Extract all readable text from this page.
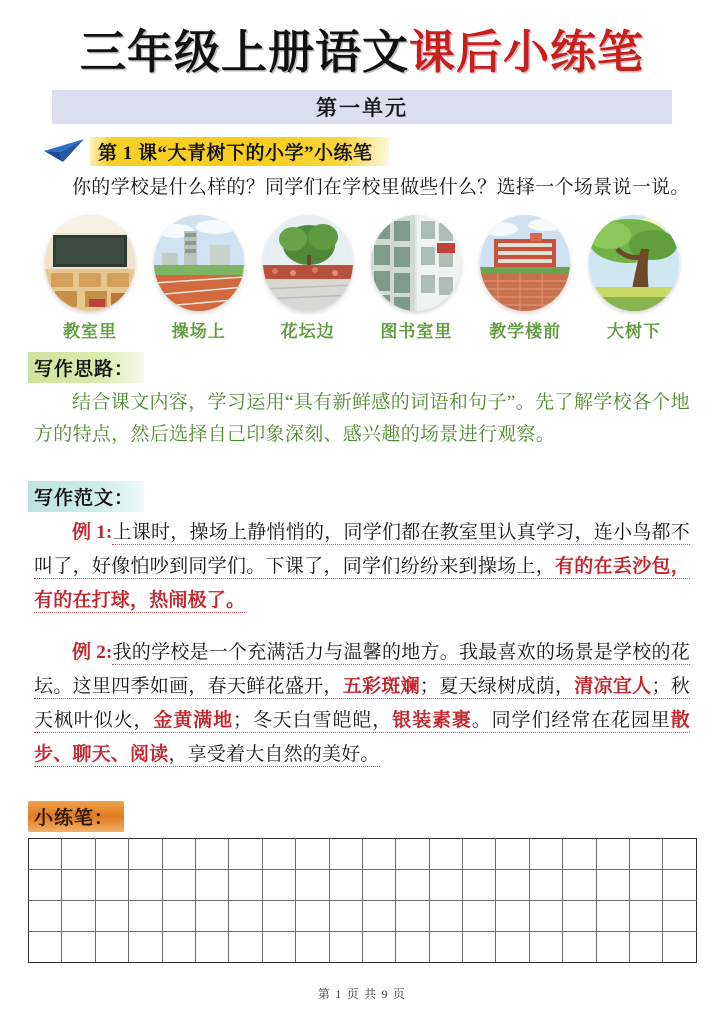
三年级上册语文课后小练笔
第一单元
第 1 课“大青树下的小学”小练笔

你的学校是什么样的？同学们在学校里做些什么？选择一个场景说一说。

教室里	操场上	花坛边	图书室里	教学楼前	大树下
写作思路：

结合课文内容，学习运用“具有新鲜感的词语和句子”。先了解学校各个地方的特点，然后选择自己印象深刻、感兴趣的场景进行观察。

写作范文：

例 1:上课时，操场上静悄悄的，同学们都在教室里认真学习，连小鸟都不叫了，好像怕吵到同学们。下课了，同学们纷纷来到操场上，有的在丢沙包，有的在打球，热闹极了。

例 2:我的学校是一个充满活力与温馨的地方。我最喜欢的场景是学校的花坛。这里四季如画，春天鲜花盛开，五彩斑斓；夏天绿树成荫，清凉宜人；秋天枫叶似火，金黄满地；冬天白雪皑皑，银装素裹。同学们经常在花园里散步、聊天、阅读，享受着大自然的美好。

小练笔：

第 1 页 共 9 页
